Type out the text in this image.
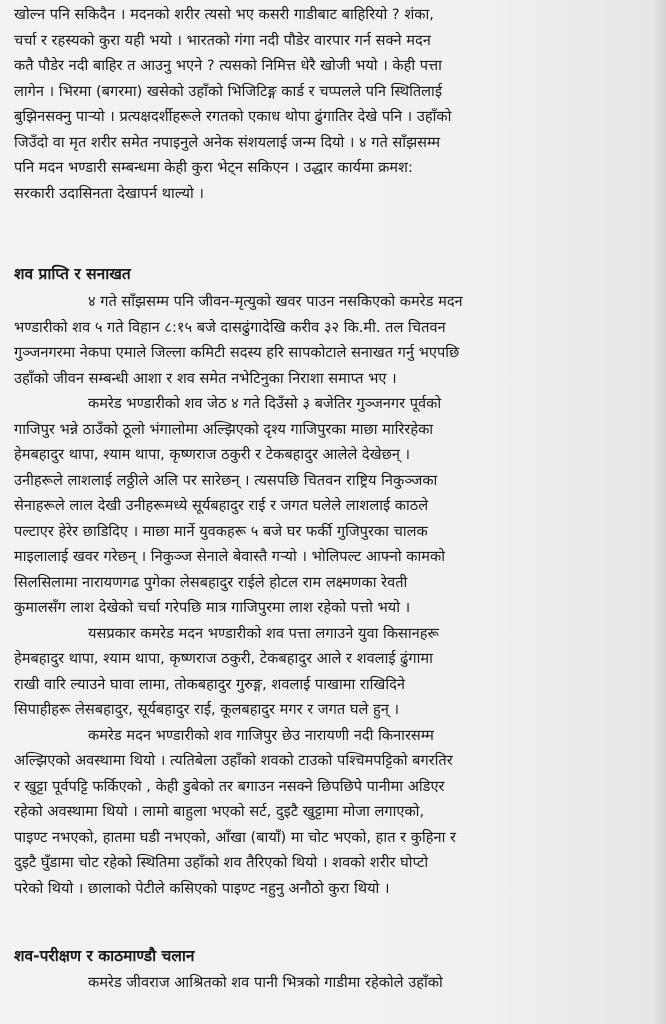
खोल्न पनि सकिदैन । मदनको शरीर त्यसो भए कसरी गाडीबाट बाहिरियो ? शंका,
चर्चा र रहस्यको कुरा यही भयो । भारतको गंगा नदी पौडेर वारपार गर्न सक्ने मदन
कतै पौडेर नदी बाहिर त आउनु भएने ? त्यसको निमित्त धेरै खोजी भयो । केही पत्ता
लागेन । भिरमा (बगरमा) खसेको उहाँको भिजिटिङ्ग कार्ड र चप्पलले पनि स्थितिलाई
बुझिनसक्नु पाऱ्यो । प्रत्यक्षदर्शीहरूले रगतको एकाध थोपा ढुंगातिर देखे पनि । उहाँको
जिउँदो वा मृत शरीर समेत नपाइनुले अनेक संशयलाई जन्म दियो । ४ गते साँझसम्म
पनि मदन भण्डारी सम्बन्धमा केही कुरा भेट्न सकिएन । उद्धार कार्यमा क्रमश:
सरकारी उदासिनता देखापर्न थाल्यो ।
शव प्राप्ति र सनाखत
४ गते साँझसम्म पनि जीवन-मृत्युको खवर पाउन नसकिएको कमरेड मदन
भण्डारीको शव ५ गते विहान ८:१५ बजे दासढुंगादेखि करीव ३२ कि.मी. तल चितवन
गुञ्जनगरमा नेकपा एमाले जिल्ला कमिटी सदस्य हरि सापकोटाले सनाखत गर्नु भएपछि
उहाँको जीवन सम्बन्धी आशा र शव समेत नभेटिनुका निराशा समाप्त भए ।
कमरेड भण्डारीको शव जेठ ४ गते दिउँसो ३ बजेतिर गुञ्जनगर पूर्वको
गाजिपुर भन्ने ठाउँको ठूलो भंगालोमा अल्झिएको दृश्य गाजिपुरका माछा मारिरहेका
हेमबहादुर थापा, श्याम थापा, कृष्णराज ठकुरी र टेकबहादुर आलेले देखेछन् ।
उनीहरूले लाशलाई लठ्ठीले अलि पर सारेछन् । त्यसपछि चितवन राष्ट्रिय निकुञ्जका
सेनाहरूले लाल देखी उनीहरूमध्ये सूर्यबहादुर राई र जगत घलेले लाशलाई काठले
पल्टाएर हेरेर छाडिदिए । माछा मार्ने युवकहरू ५ बजे घर फर्की गुजिपुरका चालक
माइलालाई खवर गरेछन् । निकुञ्ज सेनाले बेवास्तै गऱ्यो । भोलिपल्ट आफ्नो कामको
सिलसिलामा नारायणगढ पुगेका लेसबहादुर राईले होटल राम लक्ष्मणका रेवती
कुमालसँग लाश देखेको चर्चा गरेपछि मात्र गाजिपुरमा लाश रहेको पत्तो भयो ।
यसप्रकार कमरेड मदन भण्डारीको शव पत्ता लगाउने युवा किसानहरू
हेमबहादुर थापा, श्याम थापा, कृष्णराज ठकुरी, टेकबहादुर आले र शवलाई ढुंगामा
राखी वारि ल्याउने घावा लामा, तोकबहादुर गुरुङ्ग, शवलाई पाखामा राखिदिने
सिपाहीहरू लेसबहादुर, सूर्यबहादुर राई, कूलबहादुर मगर र जगत घले हुन् ।
कमरेड मदन भण्डारीको शव गाजिपुर छेउ नारायणी नदी किनारसम्म
अल्झिएको अवस्थामा थियो । त्यतिबेला उहाँको शवको टाउको पश्चिमपट्टिको बगरतिर
र खुट्टा पूर्वपट्टि फर्किएको , केही डुबेको तर बगाउन नसक्ने छिपछिपे पानीमा अडिएर
रहेको अवस्थामा थियो । लामो बाहुला भएको सर्ट, दुइटै खुट्टामा मोजा लगाएको,
पाइण्ट नभएको, हातमा घडी नभएको, आँखा (बायाँ) मा चोट भएको, हात र कुहिना र
दुइटै घुँडामा चोट रहेको स्थितिमा उहाँको शव तैरिएको थियो । शवको शरीर घोप्टो
परेको थियो । छालाको पेटीले कसिएको पाइण्ट नहुनु अनौठो कुरा थियो ।
शव-परीक्षण र काठमाण्डौ चलान
कमरेड जीवराज आश्रितको शव पानी भित्रको गाडीमा रहेकोले उहाँको
